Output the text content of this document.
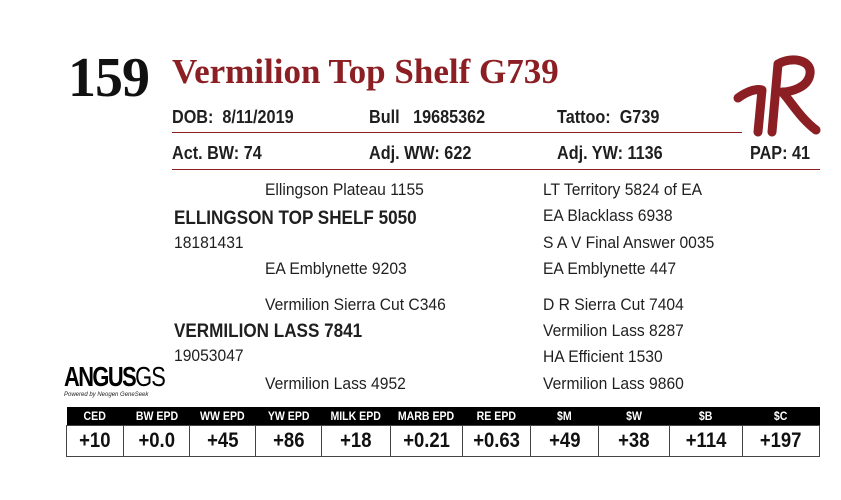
159 Vermilion Top Shelf G739
DOB: 8/11/2019	Bull 19685362	Tattoo: G739
Act. BW: 74	Adj. WW: 622	Adj. YW: 1136	PAP: 41
Ellingson Plateau 1155
ELLINGSON TOP SHELF 5050
18181431
EA Emblynette 9203
LT Territory 5824 of EA
EA Blacklass 6938
S A V Final Answer 0035
EA Emblynette 447
Vermilion Sierra Cut C346
VERMILION LASS 7841
19053047
Vermilion Lass 4952
D R Sierra Cut 7404
Vermilion Lass 8287
HA Efficient 1530
Vermilion Lass 9860
ANGUSGS
Powered by Neogen GeneSeek
CED	BW EPD	WW EPD	YW EPD	MILK EPD	MARB EPD	RE EPD	$M	$W	$B	$C
+10	+0.0	+45	+86	+18	+0.21	+0.63	+49	+38	+114	+197
